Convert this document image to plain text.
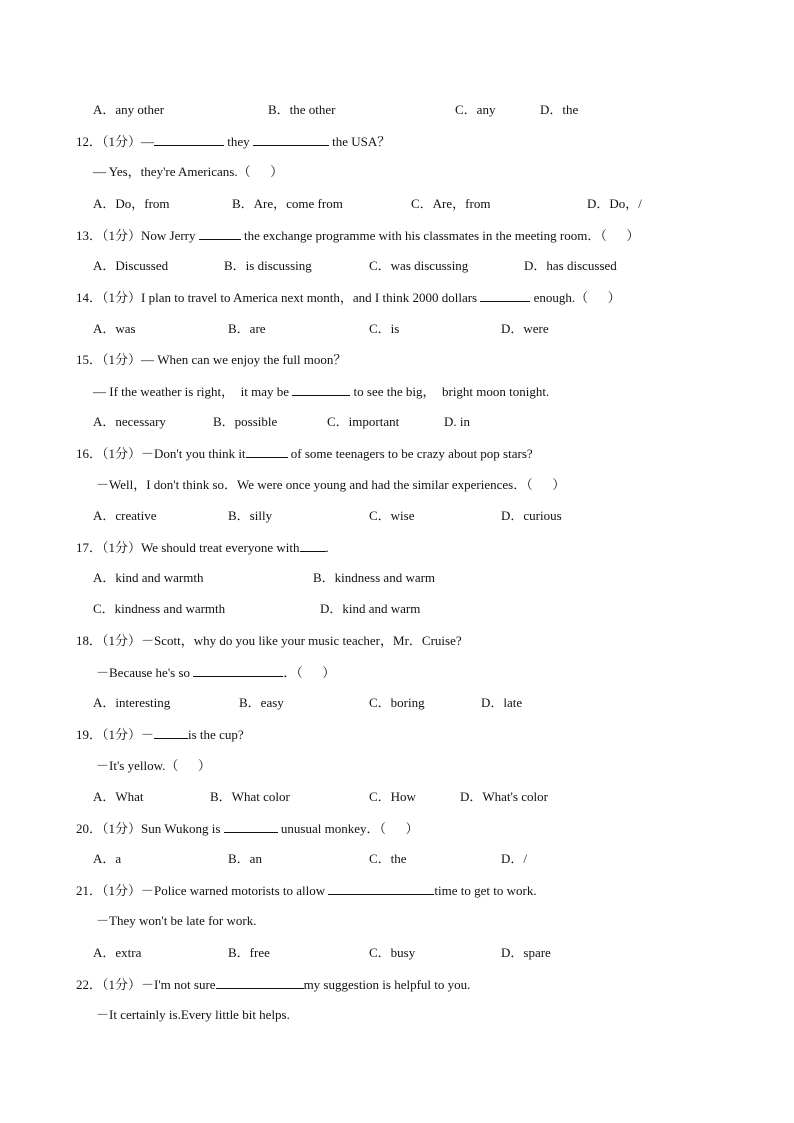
A．any other	B．the other	C．any	D．the
12．（1分）—	they	the USA？
— Yes，they're Americans.（      ）
A．Do，from	B．Are，come from	C．Are，from	D．Do，/
13．（1分）Now Jerry	the exchange programme with his classmates in the meeting room．（      ）
A．Discussed	B．is discussing	C．was discussing	D．has discussed
14．（1分）I plan to travel to America next month，and I think 2000 dollars	enough.（      ）
A．was	B．are	C．is	D．were
15．（1分）— When can we enjoy the full moon？
— If the weather is right，  it may be	to see the big，  bright moon tonight.
A．necessary	B．possible	C．important	D. in
16．（1分）－Don't you think it	of some teenagers to be crazy about pop stars?
－Well，I don't think so．We were once young and had the similar experiences．（      ）
A．creative	B．silly	C．wise	D．curious
17．（1分）We should treat everyone with .
A．kind and warmth	B．kindness and warm
C．kindness and warmth	D．kind and warm
18．（1分）－Scott，why do you like your music teacher，Mr．Cruise?
－Because he's so	．（      ）
A．interesting	B．easy	C．boring	D．late
19．（1分）－	is the cup?
－It's yellow.（      ）
A．What	B．What color	C．How	D．What's color
20．（1分）Sun Wukong is	unusual monkey．（      ）
A．a	B．an	C．the	D．/
21．（1分）－Police warned motorists to allow	time to get to work.
－They won't be late for work.
A．extra	B．free	C．busy	D．spare
22．（1分）－I'm not sure	my suggestion is helpful to you.
－It certainly is.Every little bit helps.
